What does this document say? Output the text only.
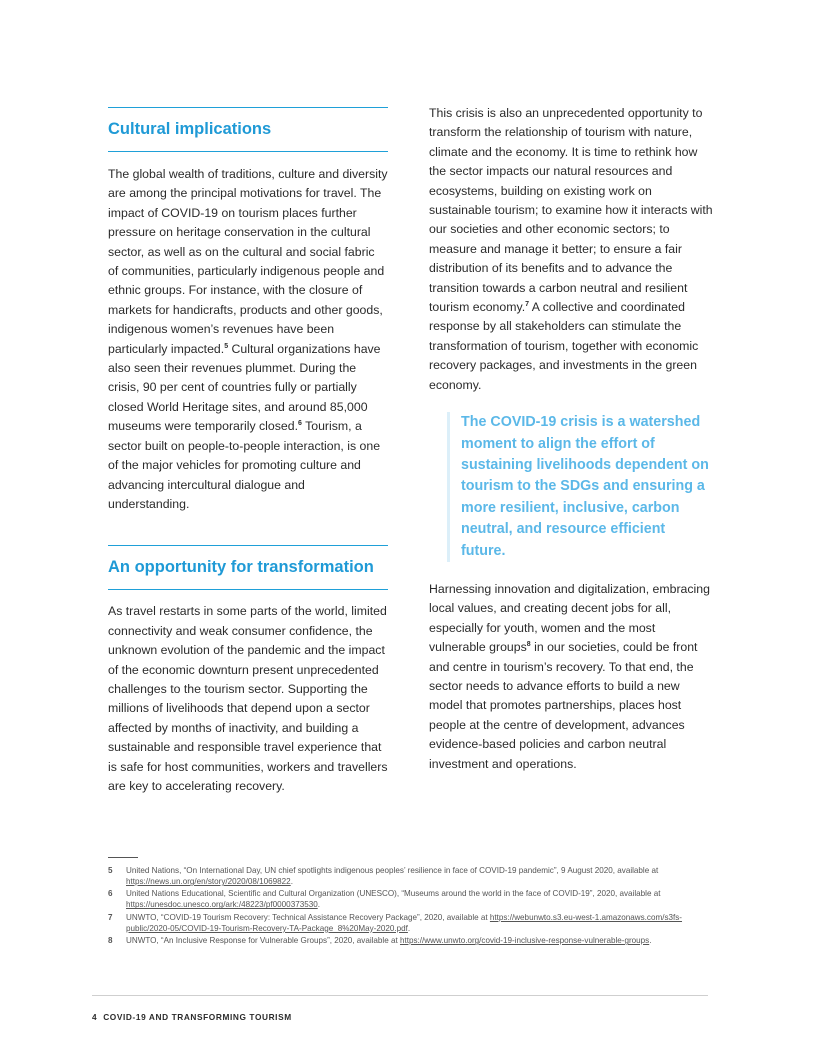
Cultural implications

The global wealth of traditions, culture and diversity are among the principal motivations for travel. The impact of COVID-19 on tourism places further pressure on heritage conservation in the cultural sector, as well as on the cultural and social fabric of communities, particularly indigenous people and ethnic groups. For instance, with the closure of markets for handicrafts, products and other goods, indigenous women’s revenues have been particularly impacted.$^5$ Cultural organizations have also seen their revenues plummet. During the crisis, 90 per cent of countries fully or partially closed World Heritage sites, and around 85,000 museums were temporarily closed.$^6$ Tourism, a sector built on people-to-people interaction, is one of the major vehicles for promoting culture and advancing intercultural dialogue and understanding.

An opportunity for transformation

As travel restarts in some parts of the world, limited connectivity and weak consumer confidence, the unknown evolution of the pandemic and the impact of the economic downturn present unprecedented challenges to the tourism sector. Supporting the millions of livelihoods that depend upon a sector affected by months of inactivity, and building a sustainable and responsible travel experience that is safe for host communities, workers and travellers are key to accelerating recovery.

This crisis is also an unprecedented opportunity to transform the relationship of tourism with nature, climate and the economy. It is time to rethink how the sector impacts our natural resources and ecosystems, building on existing work on sustainable tourism; to examine how it interacts with our societies and other economic sectors; to measure and manage it better; to ensure a fair distribution of its benefits and to advance the transition towards a carbon neutral and resilient tourism economy.$^7$ A collective and coordinated response by all stakeholders can stimulate the transformation of tourism, together with economic recovery packages, and investments in the green economy.

The COVID-19 crisis is a watershed moment to align the effort of sustaining livelihoods dependent on tourism to the SDGs and ensuring a more resilient, inclusive, carbon neutral, and resource efficient future.

Harnessing innovation and digitalization, embracing local values, and creating decent jobs for all, especially for youth, women and the most vulnerable groups$^8$ in our societies, could be front and centre in tourism’s recovery. To that end, the sector needs to advance efforts to build a new model that promotes partnerships, places host people at the centre of development, advances evidence-based policies and carbon neutral investment and operations.

5	United Nations, “On International Day, UN chief spotlights indigenous peoples’ resilience in face of COVID-19 pandemic”, 9 August 2020, available at https://news.un.org/en/story/2020/08/1069822.
6	United Nations Educational, Scientific and Cultural Organization (UNESCO), “Museums around the world in the face of COVID-19”, 2020, available at https://unesdoc.unesco.org/ark:/48223/pf0000373530.
7	UNWTO, “COVID-19 Tourism Recovery: Technical Assistance Recovery Package”, 2020, available at https://webunwto.s3.eu-west-1.amazonaws.com/s3fs-public/2020-05/COVID-19-Tourism-Recovery-TA-Package_8%20May-2020.pdf.
8	UNWTO, “An Inclusive Response for Vulnerable Groups”, 2020, available at https://www.unwto.org/covid-19-inclusive-response-vulnerable-groups.
4 COVID-19 AND TRANSFORMING TOURISM
